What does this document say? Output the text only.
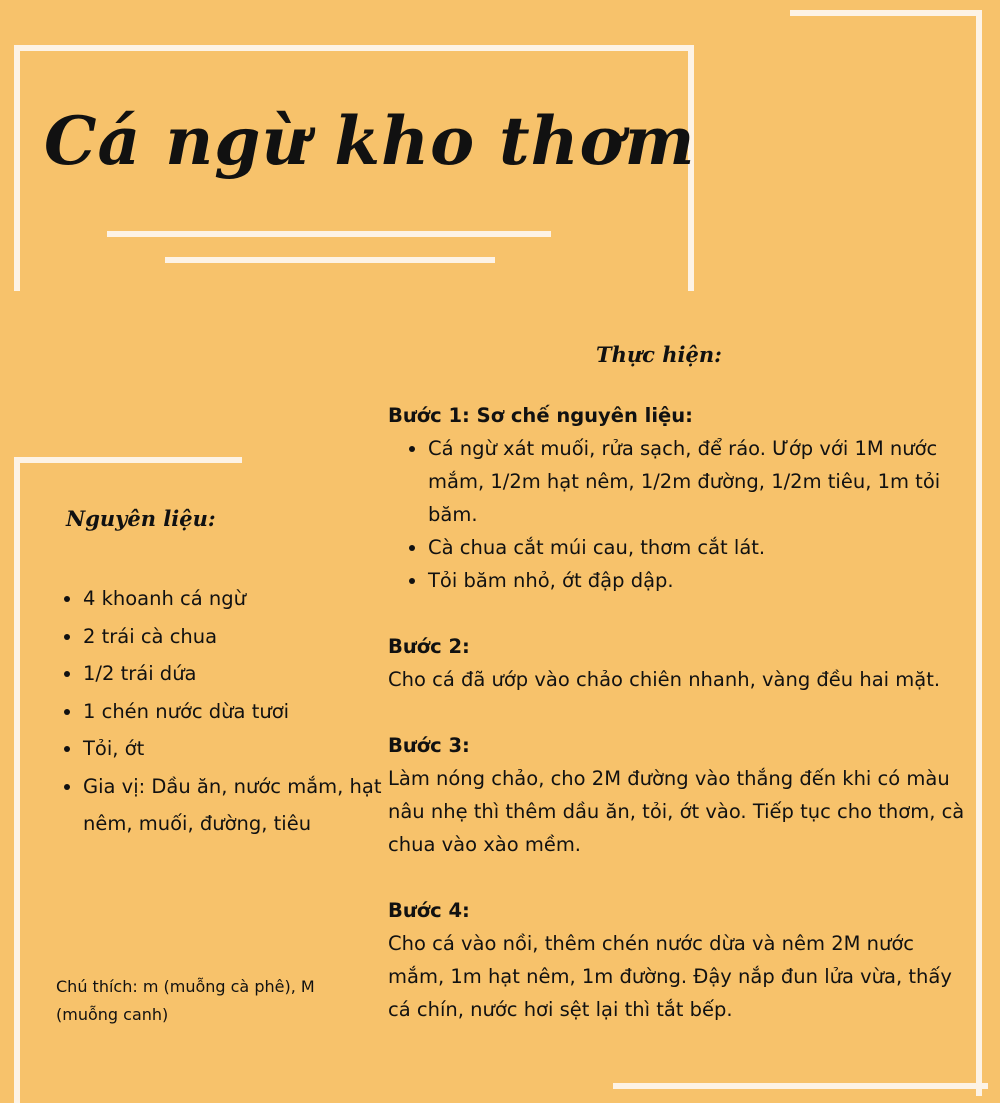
Cá ngừ kho thơm
Thực hiện:
Nguyên liệu:
• 4 khoanh cá ngừ
• 2 trái cà chua
• 1/2 trái dứa
• 1 chén nước dừa tươi
• Tỏi, ớt
• Gia vị: Dầu ăn, nước mắm, hạt nêm, muối, đường, tiêu

Chú thích: m (muỗng cà phê), M (muỗng canh)

Bước 1: Sơ chế nguyên liệu:
• Cá ngừ xát muối, rửa sạch, để ráo. Ướp với 1M nước mắm, 1/2m hạt nêm, 1/2m đường, 1/2m tiêu, 1m tỏi băm.
• Cà chua cắt múi cau, thơm cắt lát.
• Tỏi băm nhỏ, ớt đập dập.
Bước 2:

Cho cá đã ướp vào chảo chiên nhanh, vàng đều hai mặt.

Bước 3:

Làm nóng chảo, cho 2M đường vào thắng đến khi có màu nâu nhẹ thì thêm dầu ăn, tỏi, ớt vào. Tiếp tục cho thơm, cà chua vào xào mềm.

Bước 4:

Cho cá vào nồi, thêm chén nước dừa và nêm 2M nước mắm, 1m hạt nêm, 1m đường. Đậy nắp đun lửa vừa, thấy cá chín, nước hơi sệt lại thì tắt bếp.
